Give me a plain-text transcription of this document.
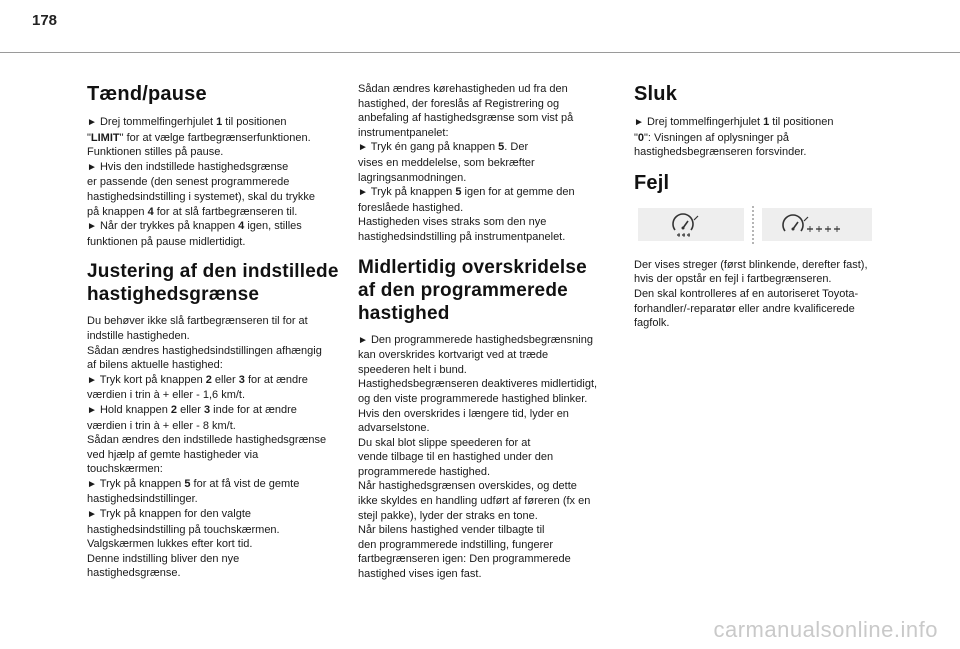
178
Tænd/pause

► Drej tommelfingerhjulet 1 til positionen
"LIMIT" for at vælge fartbegrænserfunktionen.
Funktionen stilles på pause.

► Hvis den indstillede hastighedsgrænse
er passende (den senest programmerede
hastighedsindstilling i systemet), skal du trykke
på knappen 4 for at slå fartbegrænseren til.

► Når der trykkes på knappen 4 igen, stilles
funktionen på pause midlertidigt.

Justering af den indstillede
hastighedsgrænse

Du behøver ikke slå fartbegrænseren til for at
indstille hastigheden.
Sådan ændres hastighedsindstillingen afhængig
af bilens aktuelle hastighed:

► Tryk kort på knappen 2 eller 3 for at ændre
værdien i trin à + eller - 1,6 km/t.

► Hold knappen 2 eller 3 inde for at ændre
værdien i trin à + eller - 8 km/t.

Sådan ændres den indstillede hastighedsgrænse
ved hjælp af gemte hastigheder via
touchskærmen:

► Tryk på knappen 5 for at få vist de gemte
hastighedsindstillinger.

► Tryk på knappen for den valgte
hastighedsindstilling på touchskærmen.
Valgskærmen lukkes efter kort tid.
Denne indstilling bliver den nye
hastighedsgrænse.

Sådan ændres kørehastigheden ud fra den
hastighed, der foreslås af Registrering og
anbefaling af hastighedsgrænse som vist på
instrumentpanelet:

► Tryk én gang på knappen 5. Der
vises en meddelelse, som bekræfter
lagringsanmodningen.

► Tryk på knappen 5 igen for at gemme den
foreslåede hastighed.
Hastigheden vises straks som den nye
hastighedsindstilling på instrumentpanelet.

Midlertidig overskridelse
af den programmerede
hastighed

► Den programmerede hastighedsbegrænsning
kan overskrides kortvarigt ved at træde
speederen helt i bund.
Hastighedsbegrænseren deaktiveres midlertidigt,
og den viste programmerede hastighed blinker.
Hvis den overskrides i længere tid, lyder en
advarselstone.
Du skal blot slippe speederen for at
vende tilbage til en hastighed under den
programmerede hastighed.
Når hastighedsgrænsen overskides, og dette
ikke skyldes en handling udført af føreren (fx en
stejl pakke), lyder der straks en tone.
Når bilens hastighed vender tilbagte til
den programmerede indstilling, fungerer
fartbegrænseren igen: Den programmerede
hastighed vises igen fast.

Sluk

► Drej tommelfingerhjulet 1 til positionen
"0": Visningen af oplysninger på
hastighedsbegrænseren forsvinder.

Fejl

Der vises streger (først blinkende, derefter fast),
hvis der opstår en fejl i fartbegrænseren.
Den skal kontrolleres af en autoriseret Toyota-
forhandler/-reparatør eller andre kvalificerede
fagfolk.

carmanualsonline.info
